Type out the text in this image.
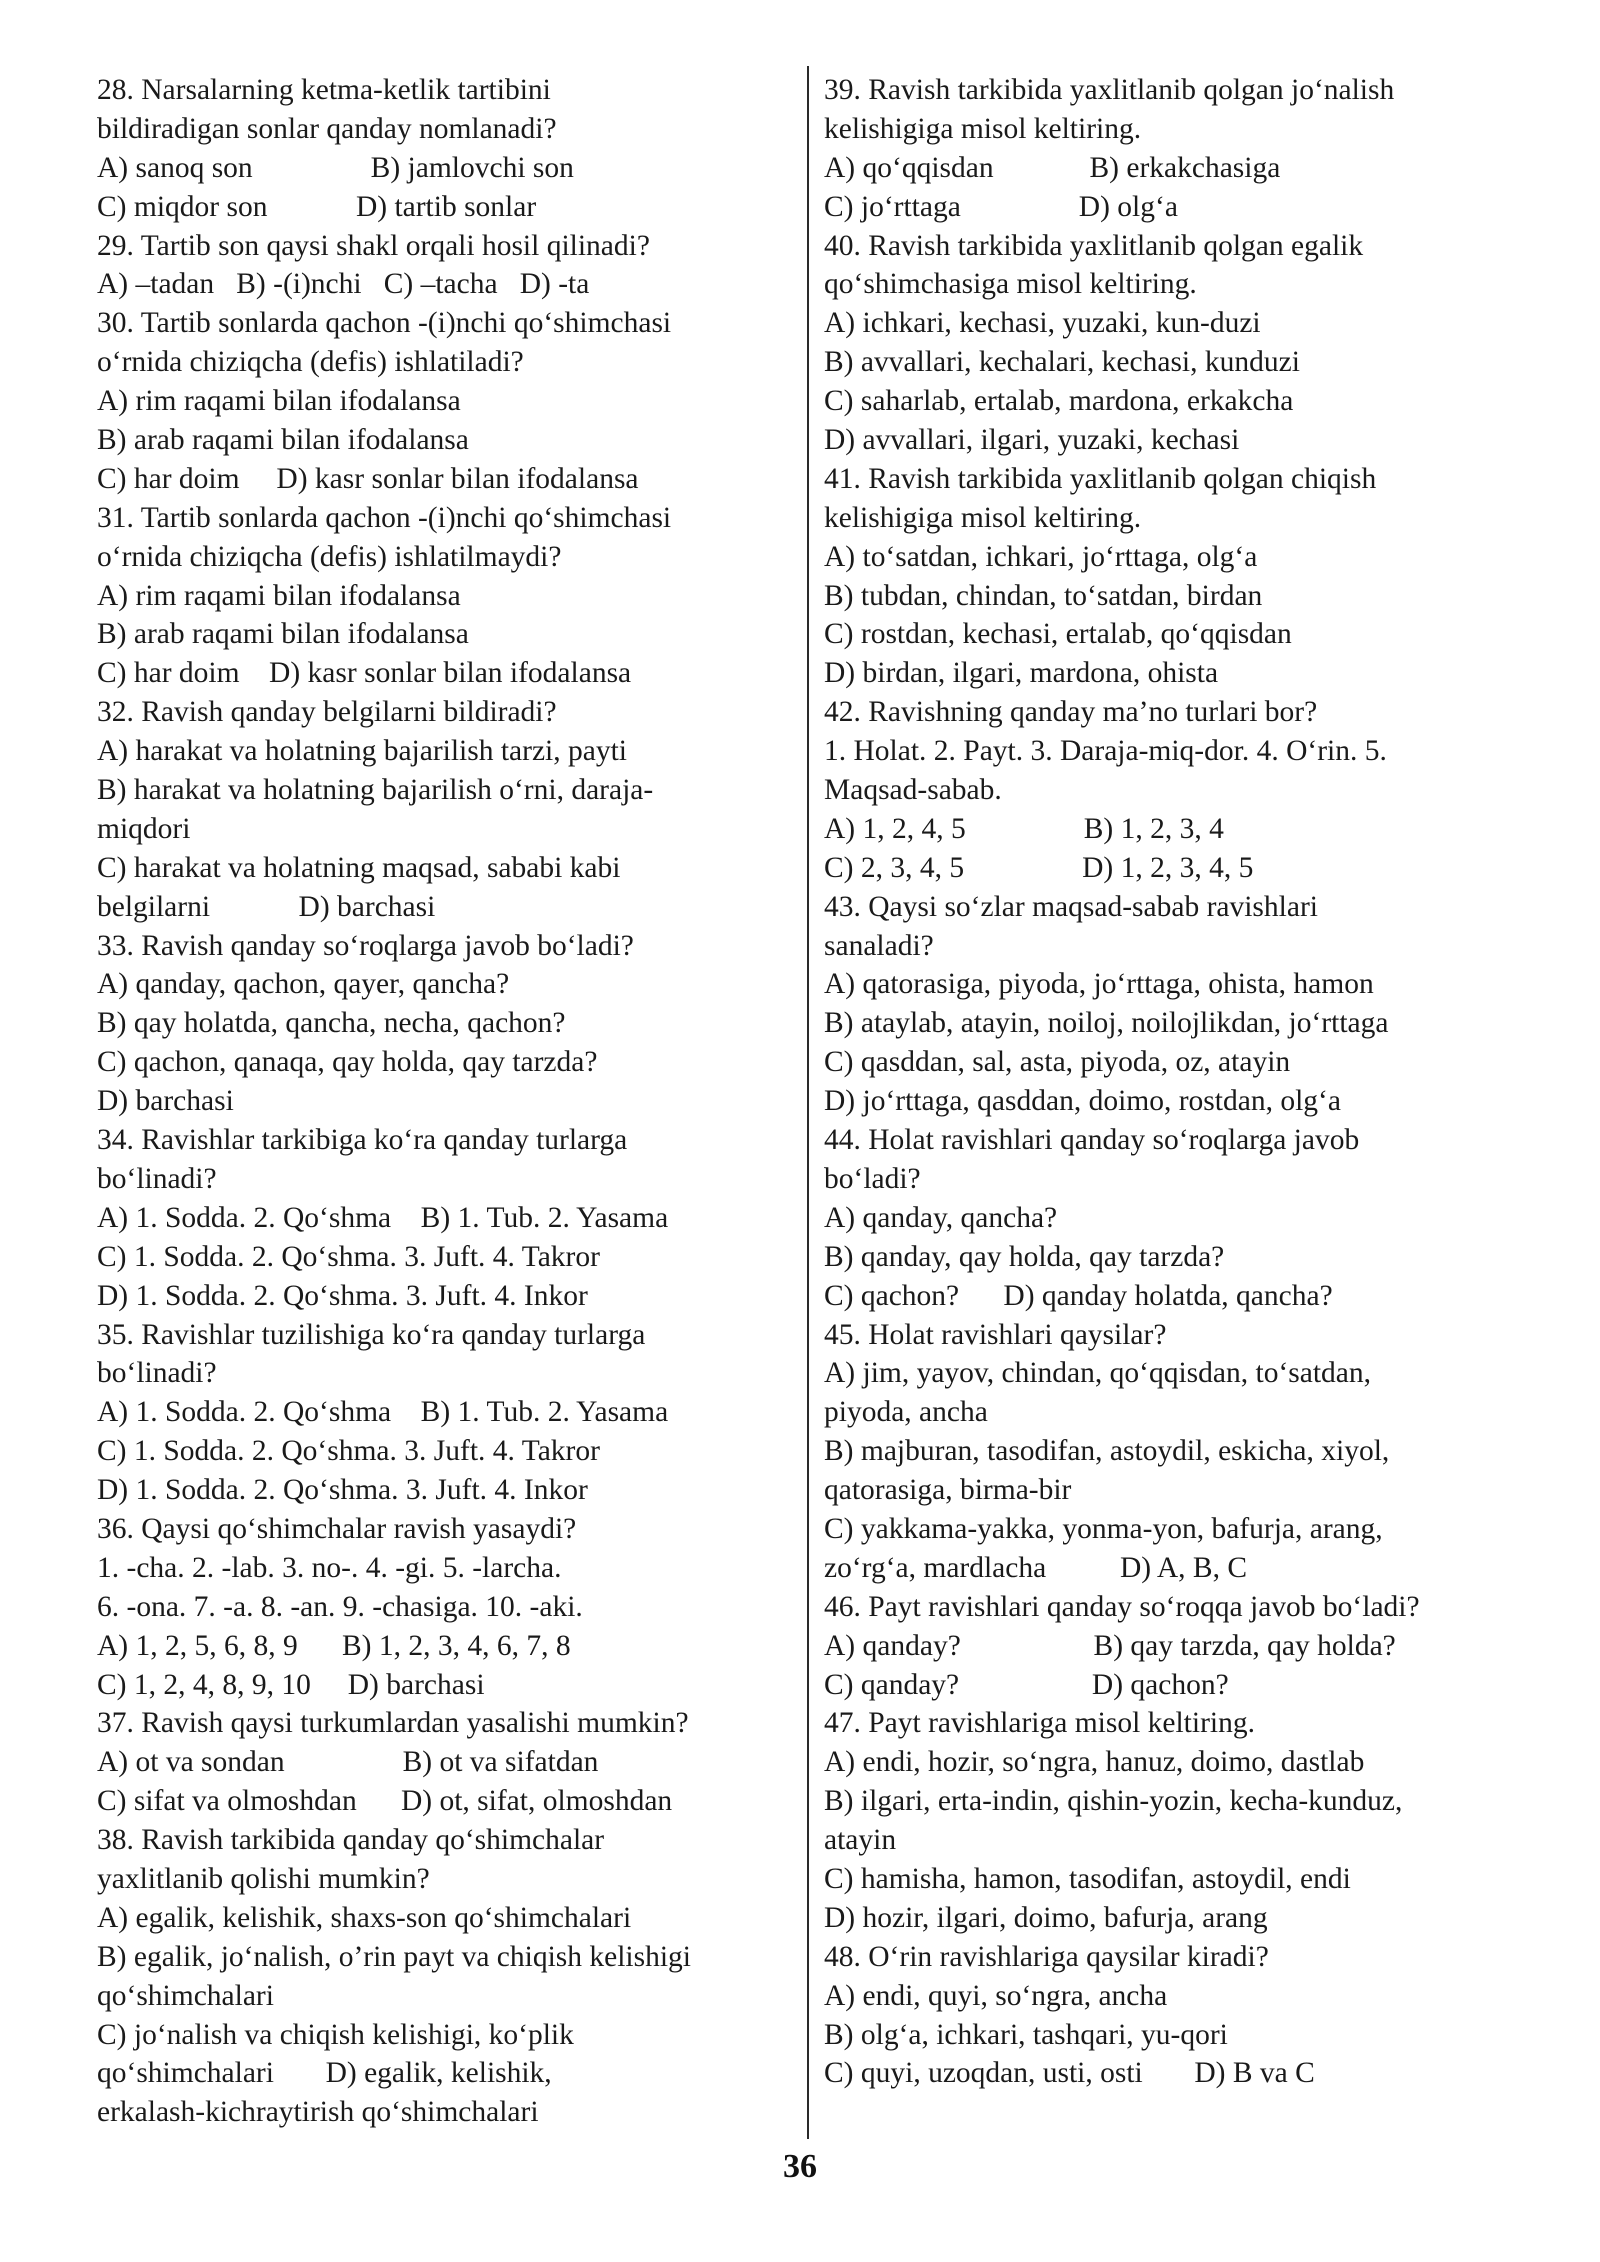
28. Narsalarning ketma-ketlik tartibini
bildiradigan sonlar qanday nomlanadi?
A) sanoq son                B) jamlovchi son
C) miqdor son            D) tartib sonlar
29. Tartib son qaysi shakl orqali hosil qilinadi?
A) –tadan   B) -(i)nchi   C) –tacha   D) -ta
30. Tartib sonlarda qachon -(i)nchi qo‘shimchasi
o‘rnida chiziqcha (defis) ishlatiladi?
A) rim raqami bilan ifodalansa
B) arab raqami bilan ifodalansa
C) har doim     D) kasr sonlar bilan ifodalansa
31. Tartib sonlarda qachon -(i)nchi qo‘shimchasi
o‘rnida chiziqcha (defis) ishlatilmaydi?
A) rim raqami bilan ifodalansa
B) arab raqami bilan ifodalansa
C) har doim    D) kasr sonlar bilan ifodalansa
32. Ravish qanday belgilarni bildiradi?
A) harakat va holatning bajarilish tarzi, payti
B) harakat va holatning bajarilish o‘rni, daraja-
miqdori
C) harakat va holatning maqsad, sababi kabi
belgilarni            D) barchasi
33. Ravish qanday so‘roqlarga javob bo‘ladi?
A) qanday, qachon, qayer, qancha?
B) qay holatda, qancha, necha, qachon?
C) qachon, qanaqa, qay holda, qay tarzda?
D) barchasi
34. Ravishlar tarkibiga ko‘ra qanday turlarga
bo‘linadi?
A) 1. Sodda. 2. Qo‘shma    B) 1. Tub. 2. Yasama
C) 1. Sodda. 2. Qo‘shma. 3. Juft. 4. Takror
D) 1. Sodda. 2. Qo‘shma. 3. Juft. 4. Inkor
35. Ravishlar tuzilishiga ko‘ra qanday turlarga
bo‘linadi?
A) 1. Sodda. 2. Qo‘shma    B) 1. Tub. 2. Yasama
C) 1. Sodda. 2. Qo‘shma. 3. Juft. 4. Takror
D) 1. Sodda. 2. Qo‘shma. 3. Juft. 4. Inkor
36. Qaysi qo‘shimchalar ravish yasaydi?
1. -cha. 2. -lab. 3. no-. 4. -gi. 5. -larcha.
6. -ona. 7. -a. 8. -an. 9. -chasiga. 10. -aki.
A) 1, 2, 5, 6, 8, 9      B) 1, 2, 3, 4, 6, 7, 8
C) 1, 2, 4, 8, 9, 10     D) barchasi
37. Ravish qaysi turkumlardan yasalishi mumkin?
A) ot va sondan                B) ot va sifatdan
C) sifat va olmoshdan      D) ot, sifat, olmoshdan
38. Ravish tarkibida qanday qo‘shimchalar
yaxlitlanib qolishi mumkin?
A) egalik, kelishik, shaxs-son qo‘shimchalari
B) egalik, jo‘nalish, o’rin payt va chiqish kelishigi
qo‘shimchalari
C) jo‘nalish va chiqish kelishigi, ko‘plik
qo‘shimchalari       D) egalik, kelishik,
erkalash-kichraytirish qo‘shimchalari
39. Ravish tarkibida yaxlitlanib qolgan jo‘nalish
kelishigiga misol keltiring.
A) qo‘qqisdan             B) erkakchasiga
C) jo‘rttaga                D) olg‘a
40. Ravish tarkibida yaxlitlanib qolgan egalik
qo‘shimchasiga misol keltiring.
A) ichkari, kechasi, yuzaki, kun-duzi
B) avvallari, kechalari, kechasi, kunduzi
C) saharlab, ertalab, mardona, erkakcha
D) avvallari, ilgari, yuzaki, kechasi
41. Ravish tarkibida yaxlitlanib qolgan chiqish
kelishigiga misol keltiring.
A) to‘satdan, ichkari, jo‘rttaga, olg‘a
B) tubdan, chindan, to‘satdan, birdan
C) rostdan, kechasi, ertalab, qo‘qqisdan
D) birdan, ilgari, mardona, ohista
42. Ravishning qanday ma’no turlari bor?
1. Holat. 2. Payt. 3. Daraja-miq-dor. 4. O‘rin. 5.
Maqsad-sabab.
A) 1, 2, 4, 5                B) 1, 2, 3, 4
C) 2, 3, 4, 5                D) 1, 2, 3, 4, 5
43. Qaysi so‘zlar maqsad-sabab ravishlari
sanaladi?
A) qatorasiga, piyoda, jo‘rttaga, ohista, hamon
B) ataylab, atayin, noiloj, noilojlikdan, jo‘rttaga
C) qasddan, sal, asta, piyoda, oz, atayin
D) jo‘rttaga, qasddan, doimo, rostdan, olg‘a
44. Holat ravishlari qanday so‘roqlarga javob
bo‘ladi?
A) qanday, qancha?
B) qanday, qay holda, qay tarzda?
C) qachon?      D) qanday holatda, qancha?
45. Holat ravishlari qaysilar?
A) jim, yayov, chindan, qo‘qqisdan, to‘satdan,
piyoda, ancha
B) majburan, tasodifan, astoydil, eskicha, xiyol,
qatorasiga, birma-bir
C) yakkama-yakka, yonma-yon, bafurja, arang,
zo‘rg‘a, mardlacha          D) A, B, C
46. Payt ravishlari qanday so‘roqqa javob bo‘ladi?
A) qanday?                  B) qay tarzda, qay holda?
C) qanday?                  D) qachon?
47. Payt ravishlariga misol keltiring.
A) endi, hozir, so‘ngra, hanuz, doimo, dastlab
B) ilgari, erta-indin, qishin-yozin, kecha-kunduz,
atayin
C) hamisha, hamon, tasodifan, astoydil, endi
D) hozir, ilgari, doimo, bafurja, arang
48. O‘rin ravishlariga qaysilar kiradi?
A) endi, quyi, so‘ngra, ancha
B) olg‘a, ichkari, tashqari, yu-qori
C) quyi, uzoqdan, usti, osti       D) B va C
36
